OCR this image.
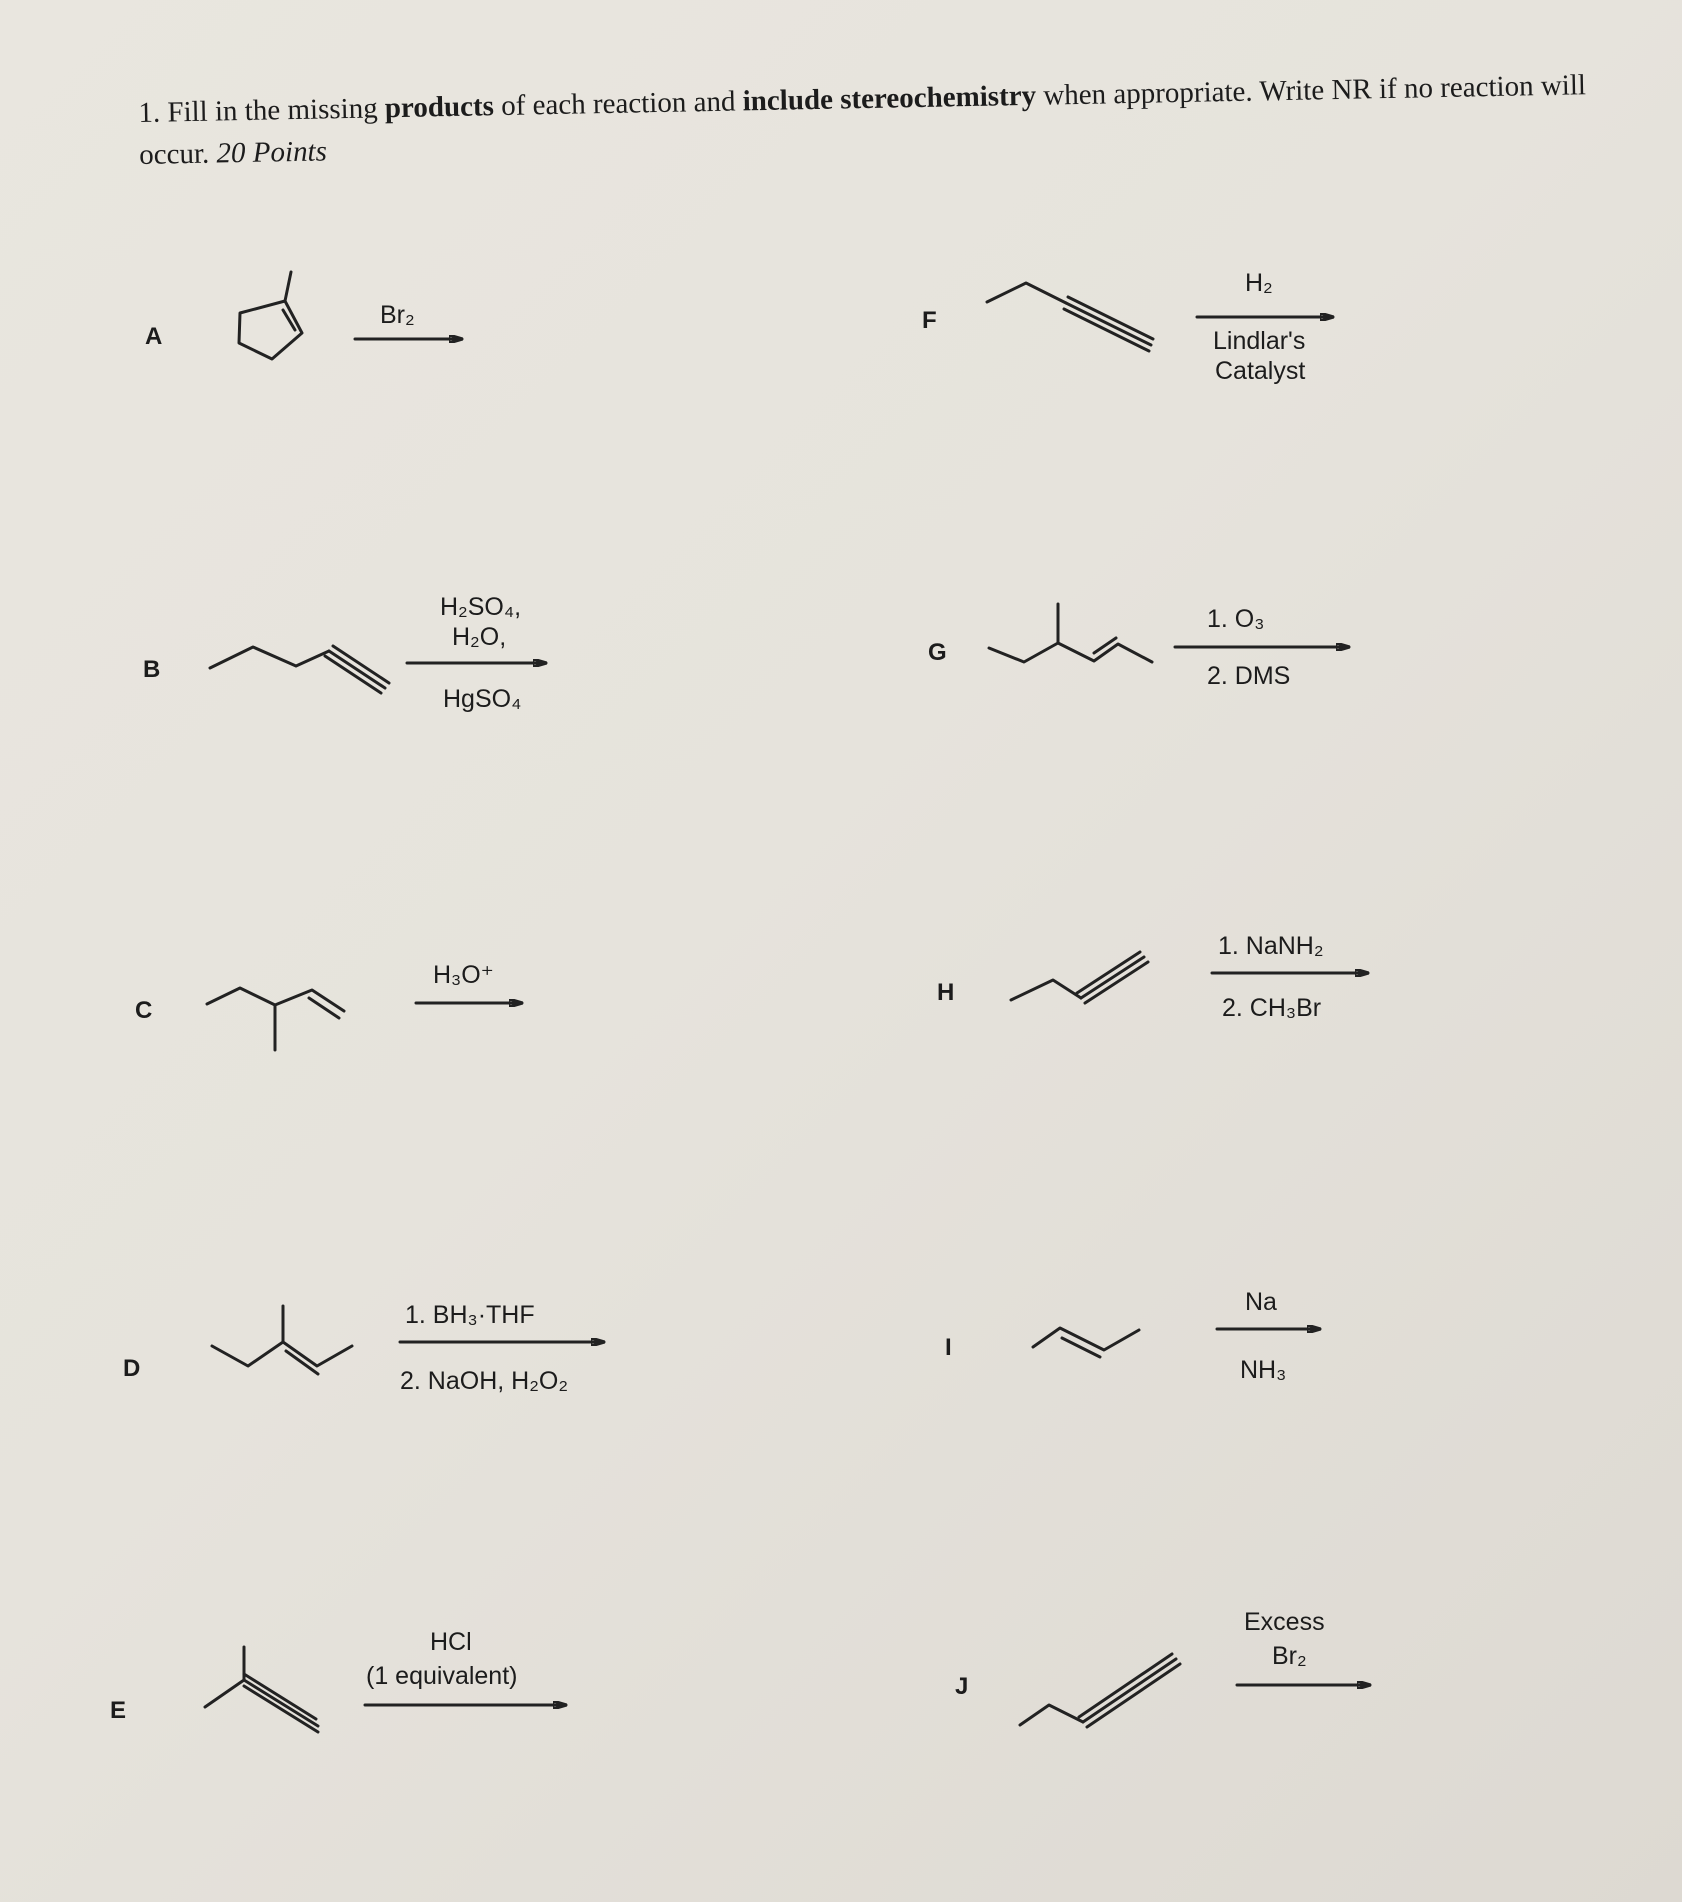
1. Fill in the missing products of each reaction and include stereochemistry when appropriate. Write NR if no reaction will occur. 20 Points
A
B
C
D
E
F
G
H
I
J
Br₂
H₂SO₄,
H₂O,
HgSO₄
H₃O⁺
1. BH₃·THF
2. NaOH, H₂O₂
HCl
(1 equivalent)
H₂
Lindlar's
Catalyst
1. O₃
2. DMS
1. NaNH₂
2. CH₃Br
Na
NH₃
Excess
Br₂
